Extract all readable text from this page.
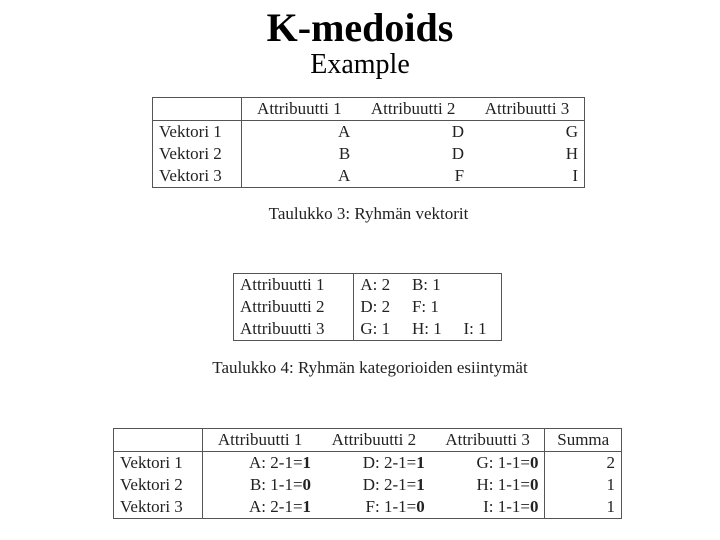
K-medoids
Example
	Attribuutti 1	Attribuutti 2	Attribuutti 3
Vektori 1	A	D	G
Vektori 2	B	D	H
Vektori 3	A	F	I
Taulukko 3: Ryhmän vektorit
Attribuutti 1	A: 2	B: 1	
Attribuutti 2	D: 2	F: 1	
Attribuutti 3	G: 1	H: 1	I: 1
Taulukko 4: Ryhmän kategorioiden esiintymät
	Attribuutti 1	Attribuutti 2	Attribuutti 3	Summa
Vektori 1	A: 2-1=1	D: 2-1=1	G: 1-1=0	2
Vektori 2	B: 1-1=0	D: 2-1=1	H: 1-1=0	1
Vektori 3	A: 2-1=1	F: 1-1=0	I: 1-1=0	1
